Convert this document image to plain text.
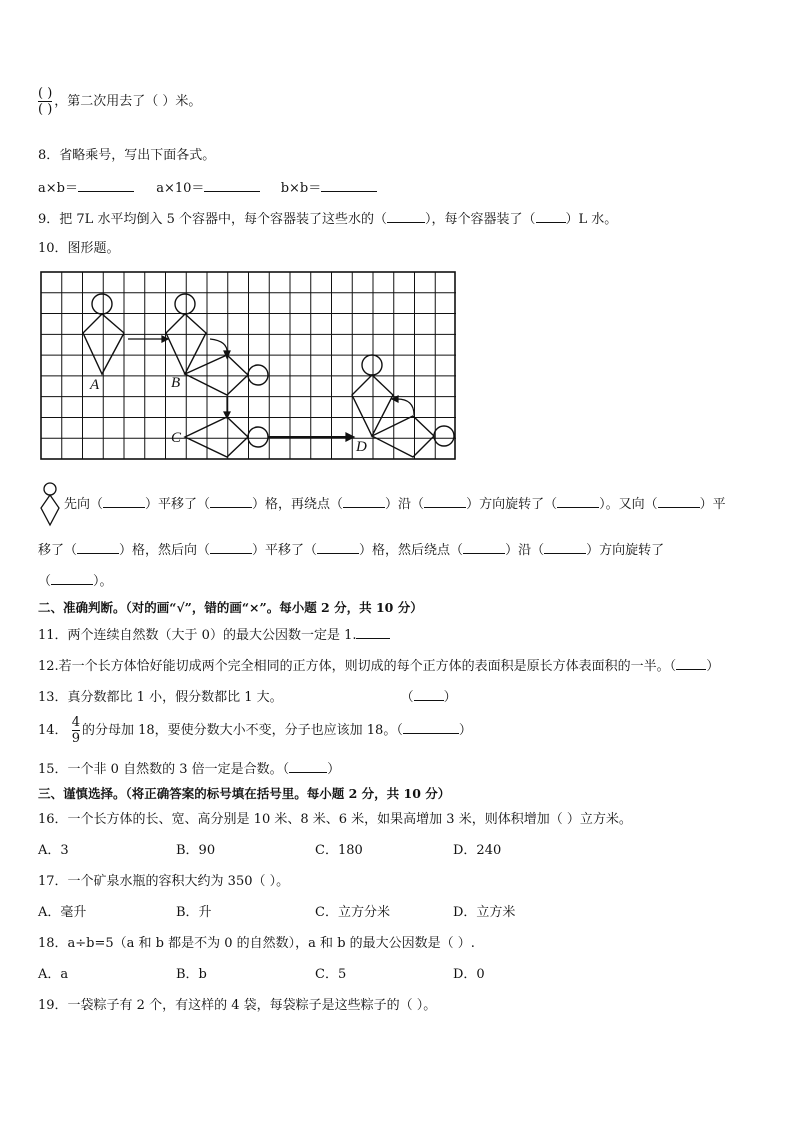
$\frac{( )}{( )}$ ，第二次用去了（ ）米。
8．省略乘号，写出下面各式。
a×b＝	a×10＝	b×b＝
9．把 7L 水平均倒入 5 个容器中，每个容器装了这些水的（	），每个容器装了（ ）L 水。
10．图形题。
A	B
C
D
先向（	）平移了（	）格，再绕点（	）沿（	）方向旋转了（	）。又向（	）平
移了（	）格，然后向（	）平移了（	）格，然后绕点（	）沿（	）方向旋转了
（	）。
二、准确判断。（对的画“√”，错的画“×”。每小题 2 分，共 10 分）
11．两个连续自然数（大于 0）的最大公因数一定是 1.
12.若一个长方体恰好能切成两个完全相同的正方体，则切成的每个正方体的表面积是原长方体表面积的一半。（ ）
13．真分数都比 1 小，假分数都比 1 大。	（ ）
14． $\frac{4}{9}$ 的分母加 18，要使分数大小不变，分子也应该加 18。（	）
15．一个非 0 自然数的 3 倍一定是合数。（	）
三、谨慎选择。（将正确答案的标号填在括号里。每小题 2 分，共 10 分）
16．一个长方体的长、宽、高分别是 10 米、8 米、6 米，如果高增加 3 米，则体积增加（ ）立方米。
A．3	B．90	C．180	D．240
17．一个矿泉水瓶的容积大约为 350（ ）。
A．毫升	B．升	C．立方分米	D．立方米
18．a÷b=5（a 和 b 都是不为 0 的自然数），a 和 b 的最大公因数是（ ）.
A．a	B．b	C．5	D．0
19．一袋粽子有 2 个，有这样的 4 袋，每袋粽子是这些粽子的（ ）。
